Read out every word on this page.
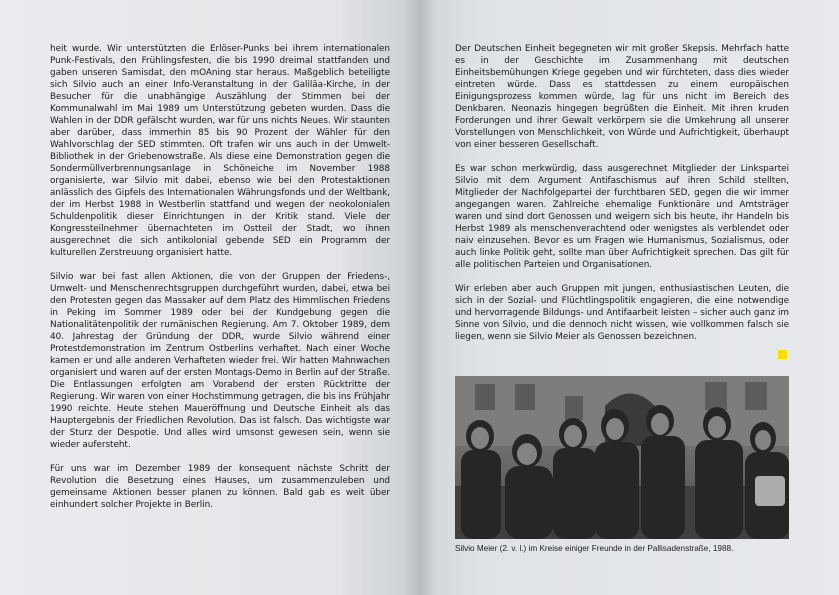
heit wurde. Wir unterstützten die Erlöser-Punks bei ihrem internationalen Punk-Festivals, den Frühlingsfesten, die bis 1990 dreimal stattfanden und gaben unseren Samisdat, den mOAning star heraus. Maßgeblich beteiligte sich Silvio auch an einer Info-Veranstaltung in der Galiläa-Kirche, in der Besucher für die unabhängige Auszählung der Stimmen bei der Kommunalwahl im Mai 1989 um Unterstützung gebeten wurden. Dass die Wahlen in der DDR gefälscht wurden, war für uns nichts Neues. Wir staunten aber darüber, dass immerhin 85 bis 90 Prozent der Wähler für den Wahlvorschlag der SED stimmten. Oft trafen wir uns auch in der Umwelt-Bibliothek in der Griebenowstraße. Als diese eine Demonstration gegen die Sondermüllverbrennungsanlage in Schöneiche im November 1988 organisierte, war Silvio mit dabei, ebenso wie bei den Protestaktionen anlässlich des Gipfels des Internationalen Währungsfonds und der Weltbank, der im Herbst 1988 in Westberlin stattfand und wegen der neokolonialen Schuldenpolitik dieser Einrichtungen in der Kritik stand. Viele der Kongressteilnehmer übernachteten im Ostteil der Stadt, wo ihnen ausgerechnet die sich antikolonial gebende SED ein Programm der kulturellen Zerstreuung organisiert hatte.

Silvio war bei fast allen Aktionen, die von der Gruppen der Friedens-, Umwelt- und Menschenrechtsgruppen durchgeführt wurden, dabei, etwa bei den Protesten gegen das Massaker auf dem Platz des Himmlischen Friedens in Peking im Sommer 1989 oder bei der Kundgebung gegen die Nationalitätenpolitik der rumänischen Regierung. Am 7. Oktober 1989, dem 40. Jahrestag der Gründung der DDR, wurde Silvio während einer Protestdemonstration im Zentrum Ostberlins verhaftet. Nach einer Woche kamen er und alle anderen Verhafteten wieder frei. Wir hatten Mahnwachen organisiert und waren auf der ersten Montags-Demo in Berlin auf der Straße. Die Entlassungen erfolgten am Vorabend der ersten Rücktritte der Regierung. Wir waren von einer Hochstimmung getragen, die bis ins Frühjahr 1990 reichte. Heute stehen Maueröffnung und Deutsche Einheit als das Hauptergebnis der Friedlichen Revolution. Das ist falsch. Das wichtigste war der Sturz der Despotie. Und alles wird umsonst gewesen sein, wenn sie wieder aufersteht.

Für uns war im Dezember 1989 der konsequent nächste Schritt der Revolution die Besetzung eines Hauses, um zusammenzuleben und gemeinsame Aktionen besser planen zu können. Bald gab es weit über einhundert solcher Projekte in Berlin.

Der Deutschen Einheit begegneten wir mit großer Skepsis. Mehrfach hatte es in der Geschichte im Zusammenhang mit deutschen Einheitsbemühungen Kriege gegeben und wir fürchteten, dass dies wieder eintreten würde. Dass es stattdessen zu einem europäischen Einigungsprozess kommen würde, lag für uns nicht im Bereich des Denkbaren. Neonazis hingegen begrüßten die Einheit. Mit ihren kruden Forderungen und ihrer Gewalt verkörpern sie die Umkehrung all unserer Vorstellungen von Menschlichkeit, von Würde und Aufrichtigkeit, überhaupt von einer besseren Gesellschaft.

Es war schon merkwürdig, dass ausgerechnet Mitglieder der Linkspartei Silvio mit dem Argument Antifaschismus auf ihren Schild stellten, Mitglieder der Nachfolgepartei der furchtbaren SED, gegen die wir immer angegangen waren. Zahlreiche ehemalige Funktionäre und Amtsträger waren und sind dort Genossen und weigern sich bis heute, ihr Handeln bis Herbst 1989 als menschenverachtend oder wenigstes als verblendet oder naiv einzusehen. Bevor es um Fragen wie Humanismus, Sozialismus, oder auch linke Politik geht, sollte man über Aufrichtigkeit sprechen. Das gilt für alle politischen Parteien und Organisationen.

Wir erleben aber auch Gruppen mit jungen, enthusiastischen Leuten, die sich in der Sozial- und Flüchtlingspolitik engagieren, die eine notwendige und hervorragende Bildungs- und Antifaarbeit leisten – sicher auch ganz im Sinne von Silvio, und die dennoch nicht wissen, wie vollkommen falsch sie liegen, wenn sie Silvio Meier als Genossen bezeichnen.

Silvio Meier (2. v. l.) im Kreise einiger Freunde in der Pallisadenstraße, 1988.
